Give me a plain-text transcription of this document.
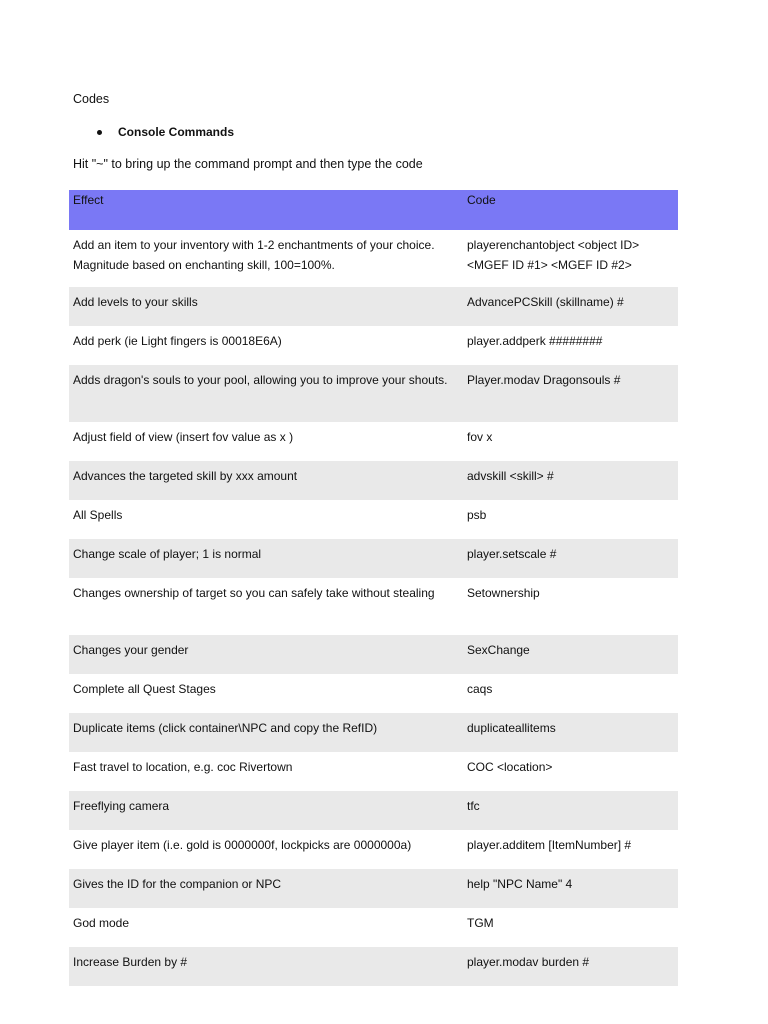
Codes
Console Commands
Hit "~" to bring up the command prompt and then type the code
Effect	Code
Add an item to your inventory with 1-2 enchantments of your choice. Magnitude based on enchanting skill, 100=100%.	playerenchantobject <object ID> <MGEF ID #1> <MGEF ID #2>
Add levels to your skills	AdvancePCSkill (skillname) #
Add perk (ie Light fingers is 00018E6A)	player.addperk ########
Adds dragon's souls to your pool, allowing you to improve your shouts.	Player.modav Dragonsouls #
Adjust field of view (insert fov value as x )	fov x
Advances the targeted skill by xxx amount	advskill <skill> #
All Spells	psb
Change scale of player; 1 is normal	player.setscale #
Changes ownership of target so you can safely take without stealing	Setownership
Changes your gender	SexChange
Complete all Quest Stages	caqs
Duplicate items (click container\NPC and copy the RefID)	duplicateallitems
Fast travel to location, e.g. coc Rivertown	COC <location>
Freeflying camera	tfc
Give player item (i.e. gold is 0000000f, lockpicks are 0000000a)	player.additem [ItemNumber] #
Gives the ID for the companion or NPC	help "NPC Name" 4
God mode	TGM
Increase Burden by #	player.modav burden #
